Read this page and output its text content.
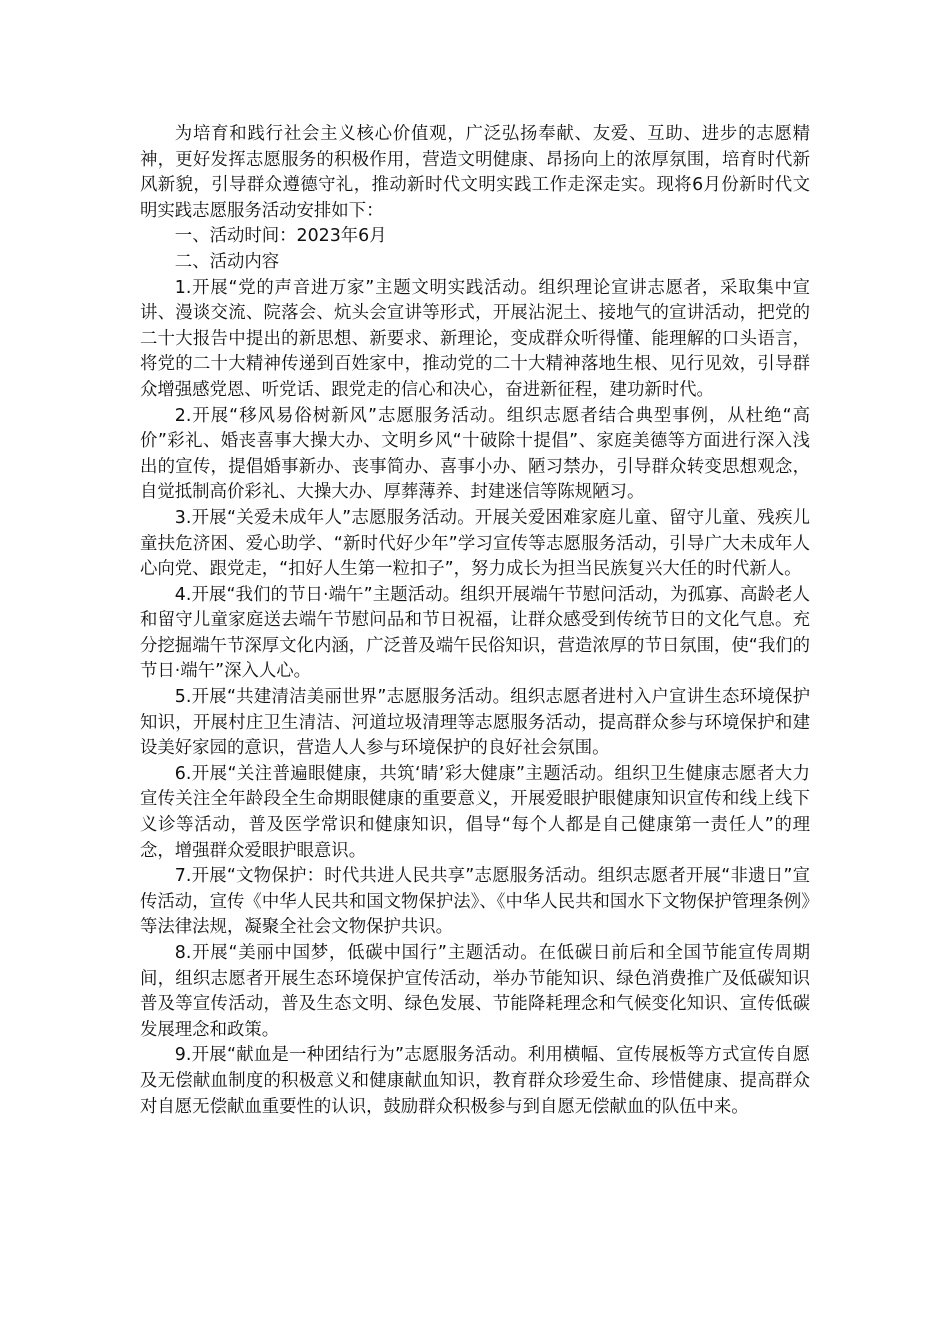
为培育和践行社会主义核心价值观，广泛弘扬奉献、友爱、互助、进步的志愿精神，更好发挥志愿服务的积极作用，营造文明健康、昂扬向上的浓厚氛围，培育时代新风新貌，引导群众遵德守礼，推动新时代文明实践工作走深走实。现将6月份新时代文明实践志愿服务活动安排如下：

一、活动时间：2023年6月

二、活动内容

1.开展“党的声音进万家”主题文明实践活动。组织理论宣讲志愿者，采取集中宣讲、漫谈交流、院落会、炕头会宣讲等形式，开展沾泥土、接地气的宣讲活动，把党的二十大报告中提出的新思想、新要求、新理论，变成群众听得懂、能理解的口头语言，将党的二十大精神传递到百姓家中，推动党的二十大精神落地生根、见行见效，引导群众增强感党恩、听党话、跟党走的信心和决心，奋进新征程，建功新时代。

2.开展“移风易俗树新风”志愿服务活动。组织志愿者结合典型事例，从杜绝“高价”彩礼、婚丧喜事大操大办、文明乡风“十破除十提倡”、家庭美德等方面进行深入浅出的宣传，提倡婚事新办、丧事简办、喜事小办、陋习禁办，引导群众转变思想观念，自觉抵制高价彩礼、大操大办、厚葬薄养、封建迷信等陈规陋习。

3.开展“关爱未成年人”志愿服务活动。开展关爱困难家庭儿童、留守儿童、残疾儿童扶危济困、爱心助学、“新时代好少年”学习宣传等志愿服务活动，引导广大未成年人心向党、跟党走，“扣好人生第一粒扣子”，努力成长为担当民族复兴大任的时代新人。

4.开展“我们的节日·端午”主题活动。组织开展端午节慰问活动，为孤寡、高龄老人和留守儿童家庭送去端午节慰问品和节日祝福，让群众感受到传统节日的文化气息。充分挖掘端午节深厚文化内涵，广泛普及端午民俗知识，营造浓厚的节日氛围，使“我们的节日·端午”深入人心。

5.开展“共建清洁美丽世界”志愿服务活动。组织志愿者进村入户宣讲生态环境保护知识，开展村庄卫生清洁、河道垃圾清理等志愿服务活动，提高群众参与环境保护和建设美好家园的意识，营造人人参与环境保护的良好社会氛围。

6.开展“关注普遍眼健康，共筑‘睛’彩大健康”主题活动。组织卫生健康志愿者大力宣传关注全年龄段全生命期眼健康的重要意义，开展爱眼护眼健康知识宣传和线上线下义诊等活动，普及医学常识和健康知识，倡导“每个人都是自己健康第一责任人”的理念，增强群众爱眼护眼意识。

7.开展“文物保护：时代共进人民共享”志愿服务活动。组织志愿者开展“非遗日”宣传活动，宣传《中华人民共和国文物保护法》、《中华人民共和国水下文物保护管理条例》等法律法规，凝聚全社会文物保护共识。

8.开展“美丽中国梦，低碳中国行”主题活动。在低碳日前后和全国节能宣传周期间，组织志愿者开展生态环境保护宣传活动，举办节能知识、绿色消费推广及低碳知识普及等宣传活动，普及生态文明、绿色发展、节能降耗理念和气候变化知识、宣传低碳发展理念和政策。

9.开展“献血是一种团结行为”志愿服务活动。利用横幅、宣传展板等方式宣传自愿及无偿献血制度的积极意义和健康献血知识，教育群众珍爱生命、珍惜健康、提高群众对自愿无偿献血重要性的认识，鼓励群众积极参与到自愿无偿献血的队伍中来。
